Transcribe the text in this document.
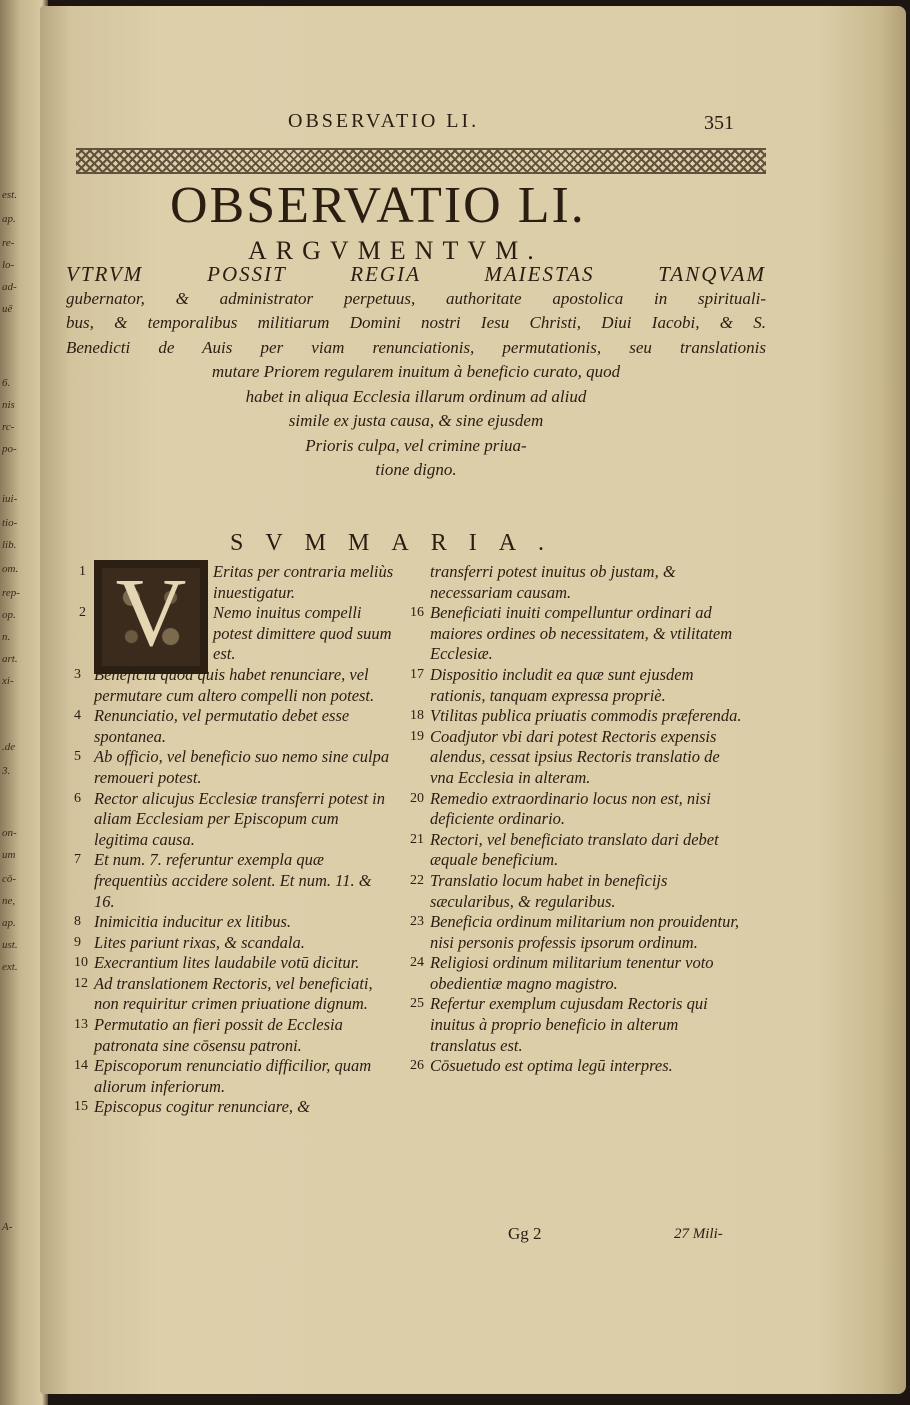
est.
ap.
re-
lo-
ad-
uē
6.
nis
rc-
po-
iui-
tio-
lib.
om.
rep-
op.
n.
art.
xi-
.de
3.
on-
um
cō-
ne,
ap.
ust.
ext.
A-
OBSERVATIO LI.	351
OBSERVATIO LI.
ARGVMENTVM.
VTRVM POSSIT REGIA MAIESTAS TANQVAM
gubernator, & administrator perpetuus, authoritate apostolica in spirituali-
bus, & temporalibus militiarum Domini nostri Iesu Christi, Diui Iacobi, & S.
Benedicti de Auis per viam renunciationis, permutationis, seu translationis
mutare Priorem regularem inuitum à beneficio curato, quod
habet in aliqua Ecclesia illarum ordinum ad aliud
simile ex justa causa, & sine ejusdem
Prioris culpa, vel crimine priua-
tione digno.
SVMMARIA.
V
1	Eritas per contraria meliùs inuestigatur.
2	Nemo inuitus compelli potest dimittere quod suum est.
3 Beneficiū quod quis habet renunciare, vel permutare cum altero compelli non potest.
4 Renunciatio, vel permutatio debet esse spontanea.
5 Ab officio, vel beneficio suo nemo sine culpa remoueri potest.
6 Rector alicujus Ecclesiæ transferri potest in aliam Ecclesiam per Episcopum cum legitima causa.
7 Et num. 7. referuntur exempla quæ frequentiùs accidere solent. Et num. 11. & 16.
8 Inimicitia inducitur ex litibus.
9 Lites pariunt rixas, & scandala.
10 Execrantium lites laudabile votū dicitur.
12 Ad translationem Rectoris, vel beneficiati, non requiritur crimen priuatione dignum.
13 Permutatio an fieri possit de Ecclesia patronata sine cōsensu patroni.
14 Episcoporum renunciatio difficilior, quam aliorum inferiorum.
15 Episcopus cogitur renunciare, &
transferri potest inuitus ob justam, & necessariam causam.
16 Beneficiati inuiti compelluntur ordinari ad maiores ordines ob necessitatem, & vtilitatem Ecclesiæ.
17 Dispositio includit ea quæ sunt ejusdem rationis, tanquam expressa propriè.
18 Vtilitas publica priuatis commodis præferenda.
19 Coadjutor vbi dari potest Rectoris expensis alendus, cessat ipsius Rectoris translatio de vna Ecclesia in alteram.
20 Remedio extraordinario locus non est, nisi deficiente ordinario.
21 Rectori, vel beneficiato translato dari debet æquale beneficium.
22 Translatio locum habet in beneficijs sæcularibus, & regularibus.
23 Beneficia ordinum militarium non prouidentur, nisi personis professis ipsorum ordinum.
24 Religiosi ordinum militarium tenentur voto obedientiæ magno magistro.
25 Refertur exemplum cujusdam Rectoris qui inuitus à proprio beneficio in alterum translatus est.
26 Cōsuetudo est optima legū interpres.
Gg 2	27 Mili-
